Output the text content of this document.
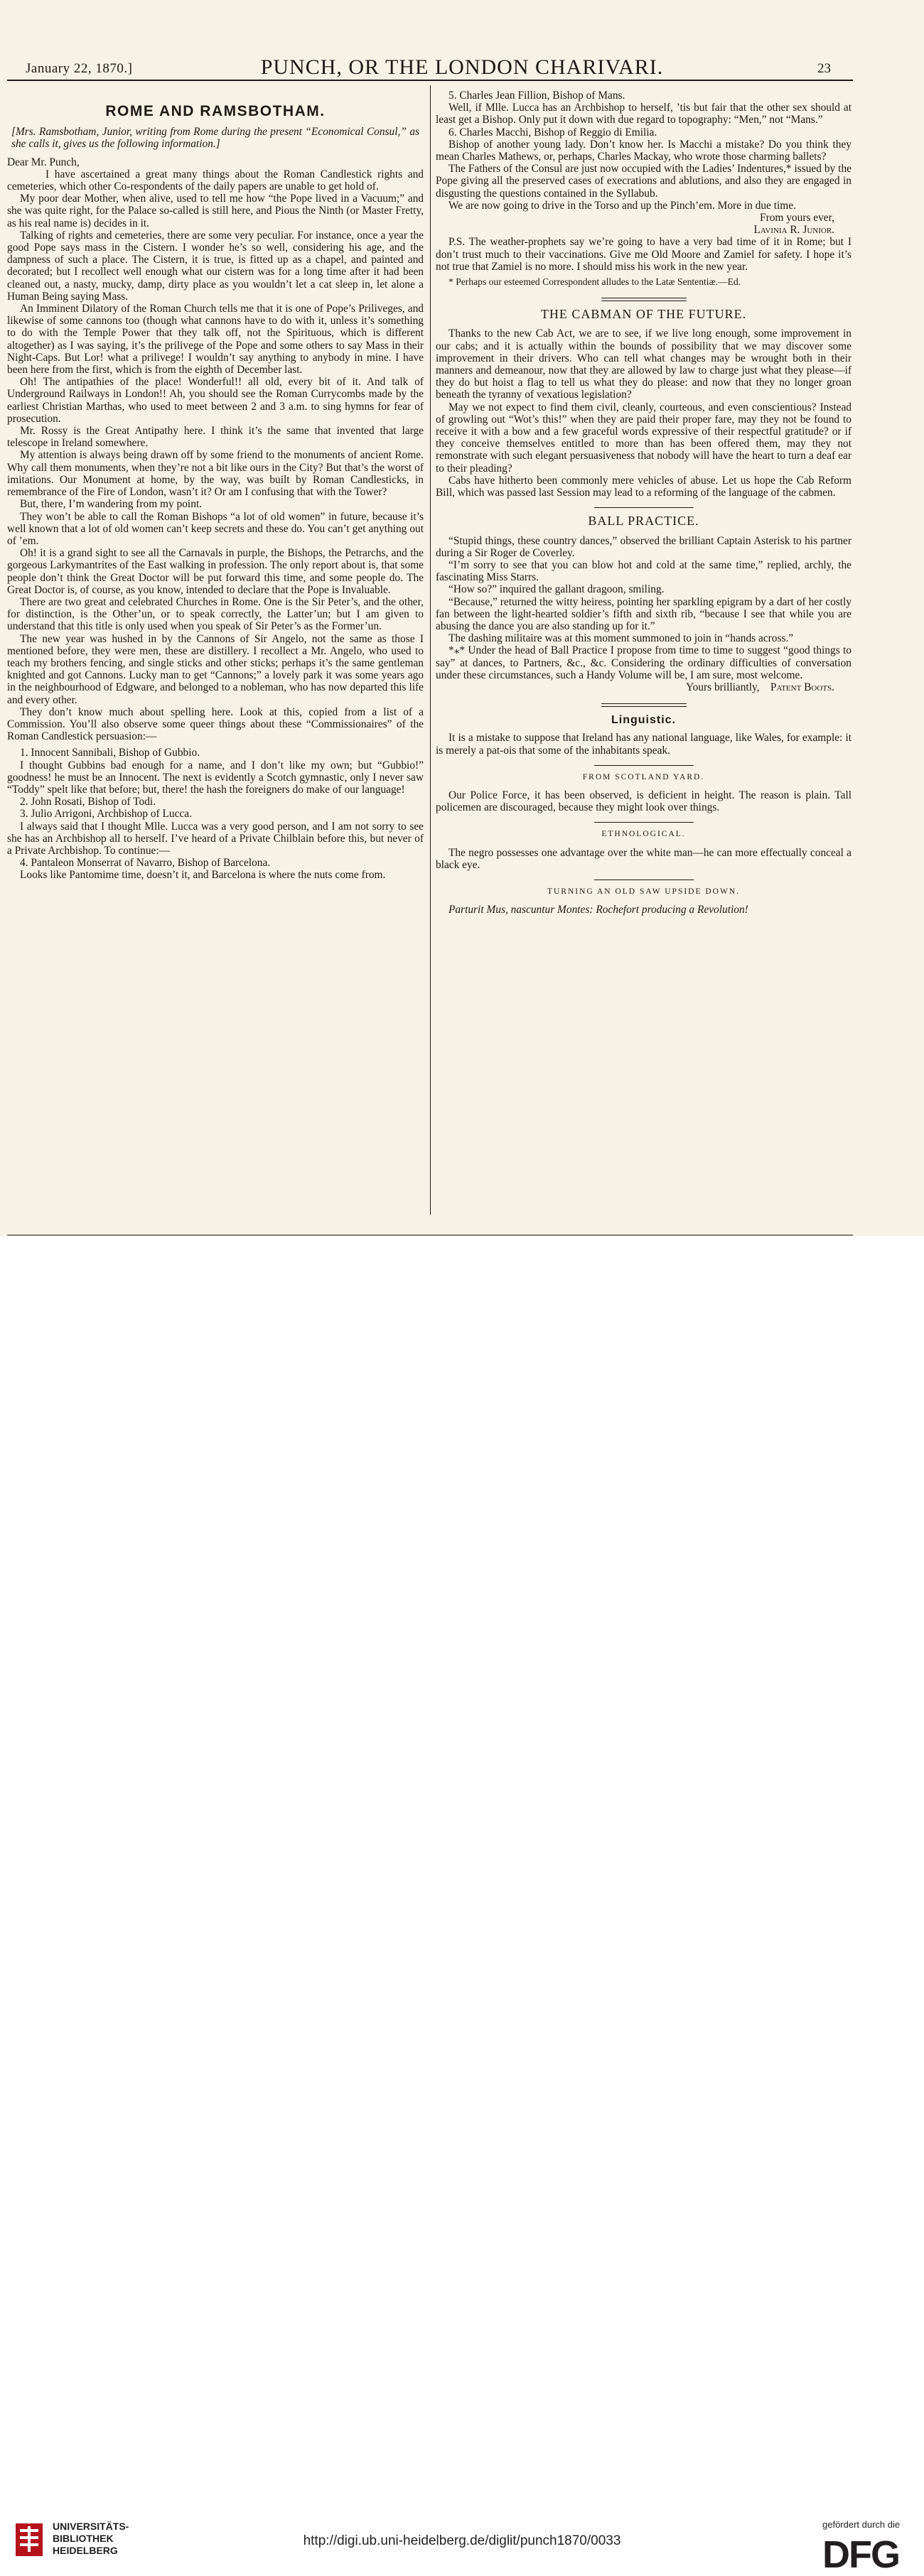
January 22, 1870.]	PUNCH, OR THE LONDON CHARIVARI.	23
ROME AND RAMSBOTHAM.

[Mrs. Ramsbotham, Junior, writing from Rome during the present “Economical Consul,” as she calls it, gives us the following information.]

Dear Mr. Punch,

I have ascertained a great many things about the Roman Candlestick rights and cemeteries, which other Co-respondents of the daily papers are unable to get hold of.

My poor dear Mother, when alive, used to tell me how “the Pope lived in a Vacuum;” and she was quite right, for the Palace so-called is still here, and Pious the Ninth (or Master Fretty, as his real name is) decides in it.

Talking of rights and cemeteries, there are some very peculiar. For instance, once a year the good Pope says mass in the Cistern. I wonder he’s so well, considering his age, and the dampness of such a place. The Cistern, it is true, is fitted up as a chapel, and painted and decorated; but I recollect well enough what our cistern was for a long time after it had been cleaned out, a nasty, mucky, damp, dirty place as you wouldn’t let a cat sleep in, let alone a Human Being saying Mass.

An Imminent Dilatory of the Roman Church tells me that it is one of Pope’s Priliveges, and likewise of some cannons too (though what cannons have to do with it, unless it’s something to do with the Temple Power that they talk off, not the Spirituous, which is different altogether) as I was saying, it’s the prilivege of the Pope and some others to say Mass in their Night-Caps. But Lor! what a prilivege! I wouldn’t say anything to anybody in mine. I have been here from the first, which is from the eighth of December last.

Oh! The antipathies of the place! Wonderful!! all old, every bit of it. And talk of Underground Railways in London!! Ah, you should see the Roman Currycombs made by the earliest Christian Marthas, who used to meet between 2 and 3 a.m. to sing hymns for fear of prosecution.

Mr. Rossy is the Great Antipathy here. I think it’s the same that invented that large telescope in Ireland somewhere.

My attention is always being drawn off by some friend to the monuments of ancient Rome. Why call them monuments, when they’re not a bit like ours in the City? But that’s the worst of imitations. Our Monument at home, by the way, was built by Roman Candlesticks, in remembrance of the Fire of London, wasn’t it? Or am I confusing that with the Tower?

But, there, I’m wandering from my point.

They won’t be able to call the Roman Bishops “a lot of old women” in future, because it’s well known that a lot of old women can’t keep secrets and these do. You can’t get anything out of ’em.

Oh! it is a grand sight to see all the Carnavals in purple, the Bishops, the Petrarchs, and the gorgeous Larkymantrites of the East walking in profession. The only report about is, that some people don’t think the Great Doctor will be put forward this time, and some people do. The Great Doctor is, of course, as you know, intended to declare that the Pope is Invaluable.

There are two great and celebrated Churches in Rome. One is the Sir Peter’s, and the other, for distinction, is the Other’un, or to speak correctly, the Latter’un; but I am given to understand that this title is only used when you speak of Sir Peter’s as the Former’un.

The new year was hushed in by the Cannons of Sir Angelo, not the same as those I mentioned before, they were men, these are distillery. I recollect a Mr. Angelo, who used to teach my brothers fencing, and single sticks and other sticks; perhaps it’s the same gentleman knighted and got Cannons. Lucky man to get “Cannons;” a lovely park it was some years ago in the neighbourhood of Edgware, and belonged to a nobleman, who has now departed this life and every other.

They don’t know much about spelling here. Look at this, copied from a list of a Commission. You’ll also observe some queer things about these “Commissionaires” of the Roman Candlestick persuasion:—

1. Innocent Sannibali, Bishop of Gubbio.

I thought Gubbins bad enough for a name, and I don’t like my own; but “Gubbio!” goodness! he must be an Innocent. The next is evidently a Scotch gymnastic, only I never saw “Toddy” spelt like that before; but, there! the hash the foreigners do make of our language!

2. John Rosati, Bishop of Todi.

3. Julio Arrigoni, Archbishop of Lucca.

I always said that I thought Mlle. Lucca was a very good person, and I am not sorry to see she has an Archbishop all to herself. I’ve heard of a Private Chilblain before this, but never of a Private Archbishop. To continue:—

4. Pantaleon Monserrat of Navarro, Bishop of Barcelona.

Looks like Pantomime time, doesn’t it, and Barcelona is where the nuts come from.

5. Charles Jean Fillion, Bishop of Mans.

Well, if Mlle. Lucca has an Archbishop to herself, ’tis but fair that the other sex should at least get a Bishop. Only put it down with due regard to topography: “Men,” not “Mans.”

6. Charles Macchi, Bishop of Reggio di Emilia.

Bishop of another young lady. Don’t know her. Is Macchi a mistake? Do you think they mean Charles Mathews, or, perhaps, Charles Mackay, who wrote those charming ballets?

The Fathers of the Consul are just now occupied with the Ladies’ Indentures,* issued by the Pope giving all the preserved cases of execrations and ablutions, and also they are engaged in disgusting the questions contained in the Syllabub.

We are now going to drive in the Torso and up the Pinch’em. More in due time.

From yours ever,

Lavinia R. Junior.

P.S. The weather-prophets say we’re going to have a very bad time of it in Rome; but I don’t trust much to their vaccinations. Give me Old Moore and Zamiel for safety. I hope it’s not true that Zamiel is no more. I should miss his work in the new year.

* Perhaps our esteemed Correspondent alludes to the Latæ Sententiæ.—Ed.

THE CABMAN OF THE FUTURE.

Thanks to the new Cab Act, we are to see, if we live long enough, some improvement in our cabs; and it is actually within the bounds of possibility that we may discover some improvement in their drivers. Who can tell what changes may be wrought both in their manners and demeanour, now that they are allowed by law to charge just what they please—if they do but hoist a flag to tell us what they do please: and now that they no longer groan beneath the tyranny of vexatious legislation?

May we not expect to find them civil, cleanly, courteous, and even conscientious? Instead of growling out “Wot’s this!” when they are paid their proper fare, may they not be found to receive it with a bow and a few graceful words expressive of their respectful gratitude? or if they conceive themselves entitled to more than has been offered them, may they not remonstrate with such elegant persuasiveness that nobody will have the heart to turn a deaf ear to their pleading?

Cabs have hitherto been commonly mere vehicles of abuse. Let us hope the Cab Reform Bill, which was passed last Session may lead to a reforming of the language of the cabmen.

BALL PRACTICE.

“Stupid things, these country dances,” observed the brilliant Captain Asterisk to his partner during a Sir Roger de Coverley.

“I’m sorry to see that you can blow hot and cold at the same time,” replied, archly, the fascinating Miss Starrs.

“How so?” inquired the gallant dragoon, smiling.

“Because,” returned the witty heiress, pointing her sparkling epigram by a dart of her costly fan between the light-hearted soldier’s fifth and sixth rib, “because I see that while you are abusing the dance you are also standing up for it.”

The dashing militaire was at this moment summoned to join in “hands across.”

*⁎* Under the head of Ball Practice I propose from time to time to suggest “good things to say” at dances, to Partners, &c., &c. Considering the ordinary difficulties of conversation under these circumstances, such a Handy Volume will be, I am sure, most welcome.

Yours brilliantly, Patent Boots.

Linguistic.

It is a mistake to suppose that Ireland has any national language, like Wales, for example: it is merely a pat-ois that some of the inhabitants speak.

FROM SCOTLAND YARD.

Our Police Force, it has been observed, is deficient in height. The reason is plain. Tall policemen are discouraged, because they might look over things.

ETHNOLOGICAL.

The negro possesses one advantage over the white man—he can more effectually conceal a black eye.

TURNING AN OLD SAW UPSIDE DOWN.

Parturit Mus, nascuntur Montes: Rochefort producing a Revolution!

UNIVERSITÄTS-
BIBLIOTHEK
HEIDELBERG
http://digi.ub.uni-heidelberg.de/diglit/punch1870/0033
gefördert durch die
DFG
